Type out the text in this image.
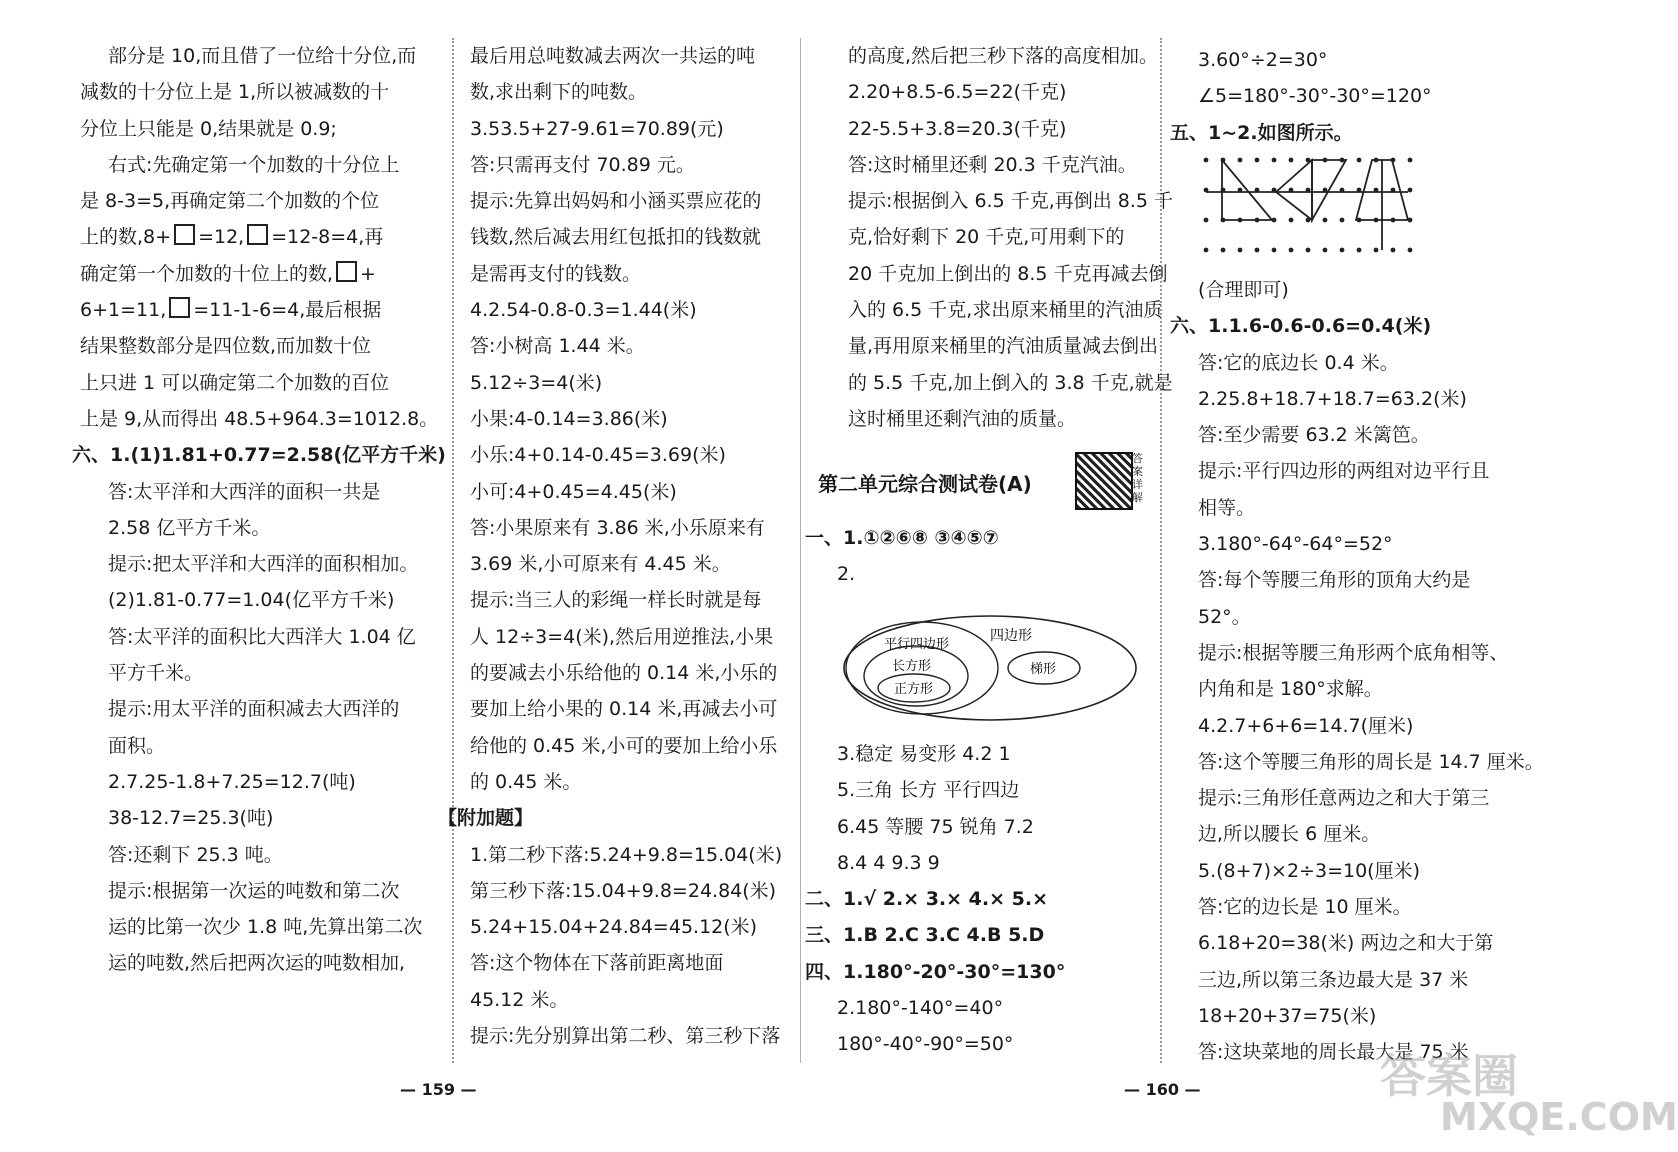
部分是 10,而且借了一位给十分位,而
减数的十分位上是 1,所以被减数的十
分位上只能是 0,结果就是 0.9;
右式:先确定第一个加数的十分位上
是 8-3=5,再确定第二个加数的个位
上的数,8+ =12, =12-8=4,再
确定第一个加数的十位上的数, +
6+1=11, =11-1-6=4,最后根据
结果整数部分是四位数,而加数十位
上只进 1 可以确定第二个加数的百位
上是 9,从而得出 48.5+964.3=1012.8。
六、1.(1)1.81+0.77=2.58(亿平方千米)
答:太平洋和大西洋的面积一共是
2.58 亿平方千米。
提示:把太平洋和大西洋的面积相加。
(2)1.81-0.77=1.04(亿平方千米)
答:太平洋的面积比大西洋大 1.04 亿
平方千米。
提示:用太平洋的面积减去大西洋的
面积。
2.7.25-1.8+7.25=12.7(吨)
38-12.7=25.3(吨)
答:还剩下 25.3 吨。
提示:根据第一次运的吨数和第二次
运的比第一次少 1.8 吨,先算出第二次
运的吨数,然后把两次运的吨数相加,
最后用总吨数减去两次一共运的吨
数,求出剩下的吨数。
3.53.5+27-9.61=70.89(元)
答:只需再支付 70.89 元。
提示:先算出妈妈和小涵买票应花的
钱数,然后减去用红包抵扣的钱数就
是需再支付的钱数。
4.2.54-0.8-0.3=1.44(米)
答:小树高 1.44 米。
5.12÷3=4(米)
小果:4-0.14=3.86(米)
小乐:4+0.14-0.45=3.69(米)
小可:4+0.45=4.45(米)
答:小果原来有 3.86 米,小乐原来有
3.69 米,小可原来有 4.45 米。
提示:当三人的彩绳一样长时就是每
人 12÷3=4(米),然后用逆推法,小果
的要减去小乐给他的 0.14 米,小乐的
要加上给小果的 0.14 米,再减去小可
给他的 0.45 米,小可的要加上给小乐
的 0.45 米。
【附加题】
1.第二秒下落:5.24+9.8=15.04(米)
第三秒下落:15.04+9.8=24.84(米)
5.24+15.04+24.84=45.12(米)
答:这个物体在下落前距离地面
45.12 米。
提示:先分别算出第二秒、第三秒下落
的高度,然后把三秒下落的高度相加。
2.20+8.5-6.5=22(千克)
22-5.5+3.8=20.3(千克)
答:这时桶里还剩 20.3 千克汽油。
提示:根据倒入 6.5 千克,再倒出 8.5 千
克,恰好剩下 20 千克,可用剩下的
20 千克加上倒出的 8.5 千克再减去倒
入的 6.5 千克,求出原来桶里的汽油质
量,再用原来桶里的汽油质量减去倒出
的 5.5 千克,加上倒入的 3.8 千克,就是
这时桶里还剩汽油的质量。
第二单元综合测试卷(A)
答案详解
一、1.①②⑥⑧ ③④⑤⑦
2.
四边形
平行四边形
长方形
正方形
梯形
3.稳定 易变形 4.2 1
5.三角 长方 平行四边
6.45 等腰 75 锐角 7.2
8.4 4 9.3 9
二、1.√ 2.× 3.× 4.× 5.×
三、1.B 2.C 3.C 4.B 5.D
四、1.180°-20°-30°=130°
2.180°-140°=40°
180°-40°-90°=50°
3.60°÷2=30°
∠5=180°-30°-30°=120°
五、1~2.如图所示。
(合理即可)
六、1.1.6-0.6-0.6=0.4(米)
答:它的底边长 0.4 米。
2.25.8+18.7+18.7=63.2(米)
答:至少需要 63.2 米篱笆。
提示:平行四边形的两组对边平行且
相等。
3.180°-64°-64°=52°
答:每个等腰三角形的顶角大约是
52°。
提示:根据等腰三角形两个底角相等、
内角和是 180°求解。
4.2.7+6+6=14.7(厘米)
答:这个等腰三角形的周长是 14.7 厘米。
提示:三角形任意两边之和大于第三
边,所以腰长 6 厘米。
5.(8+7)×2÷3=10(厘米)
答:它的边长是 10 厘米。
6.18+20=38(米) 两边之和大于第
三边,所以第三条边最大是 37 米
18+20+37=75(米)
答:这块菜地的周长最大是 75 米
— 159 —	— 160 —	答案圈
MXQE.COM
